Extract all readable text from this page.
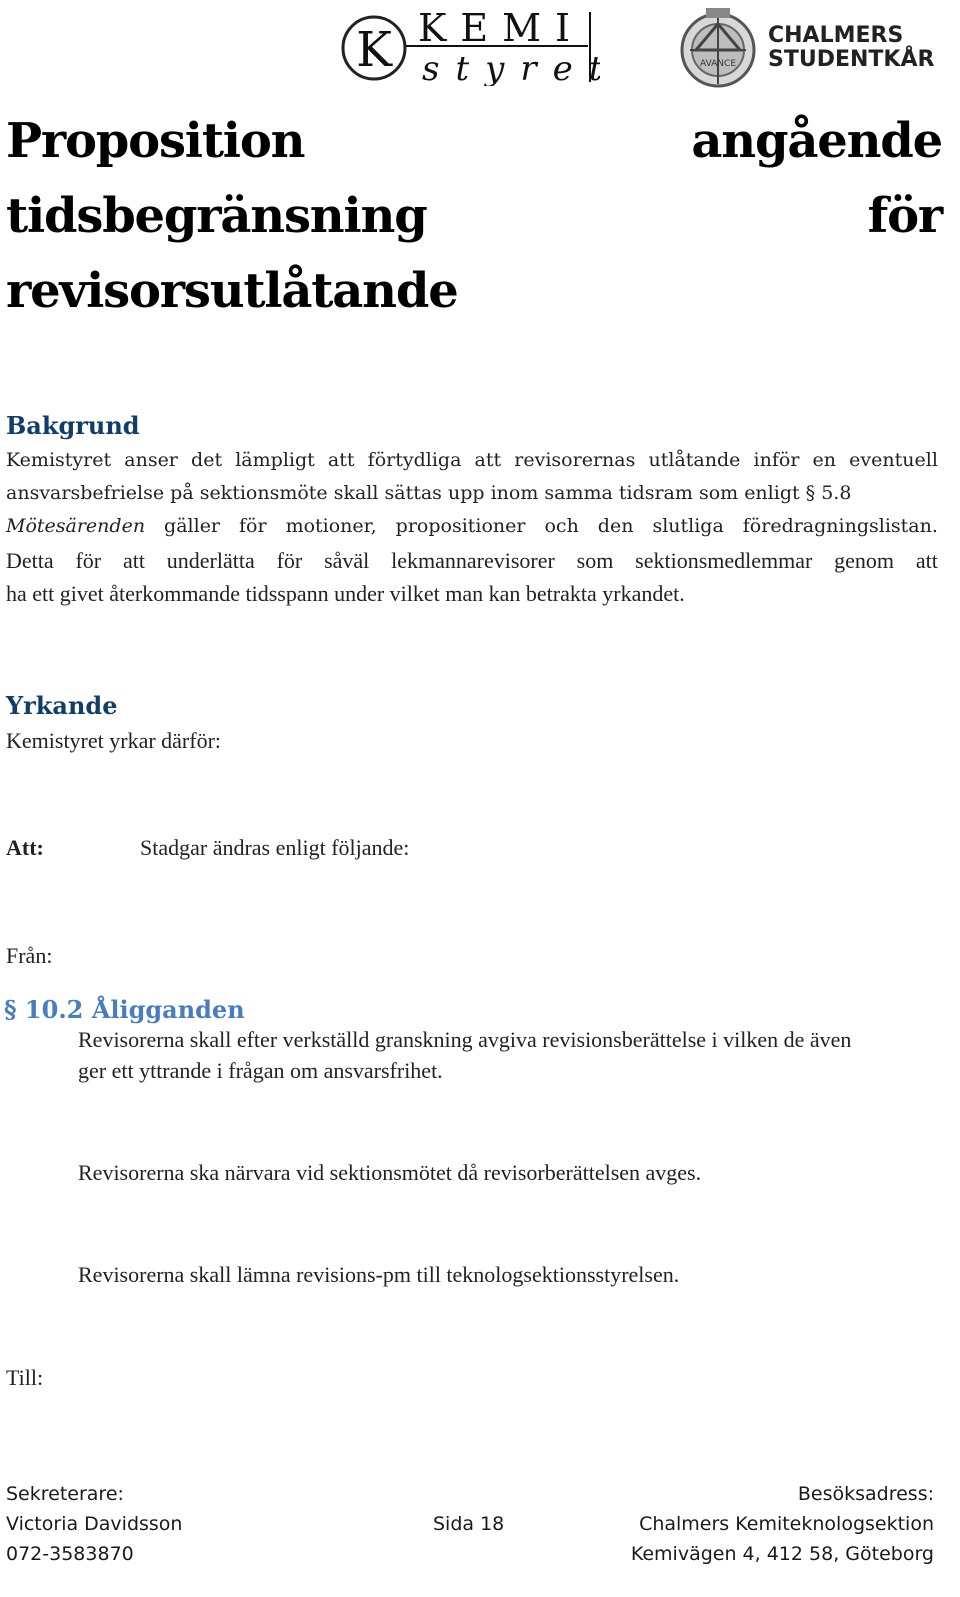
K KEMI
styret	AVANCE
CHALMERS
STUDENTKÅR
Proposition	angående
tidsbegränsning	för
revisorsutlåtande
Bakgrund
Kemistyret anser det lämpligt att förtydliga att revisorernas utlåtande inför en eventuell
ansvarsbefrielse på sektionsmöte skall sättas upp inom samma tidsram som enligt § 5.8
Mötesärenden gäller för motioner, propositioner och den slutliga föredragningslistan.
Detta för att underlätta för såväl lekmannarevisorer som sektionsmedlemmar genom att
ha ett givet återkommande tidsspann under vilket man kan betrakta yrkandet.
Yrkande
Kemistyret yrkar därför:
Att:	Stadgar ändras enligt följande:
Från:
§ 10.2 Åligganden
Revisorerna skall efter verkställd granskning avgiva revisionsberättelse i vilken de även
ger ett yttrande i frågan om ansvarsfrihet.
Revisorerna ska närvara vid sektionsmötet då revisorberättelsen avges.
Revisorerna skall lämna revisions-pm till teknologsektionsstyrelsen.
Till:
Sekreterare:
Victoria Davidsson
072-3583870
Sida 18
Besöksadress:
Chalmers Kemiteknologsektion
Kemivägen 4, 412 58, Göteborg
